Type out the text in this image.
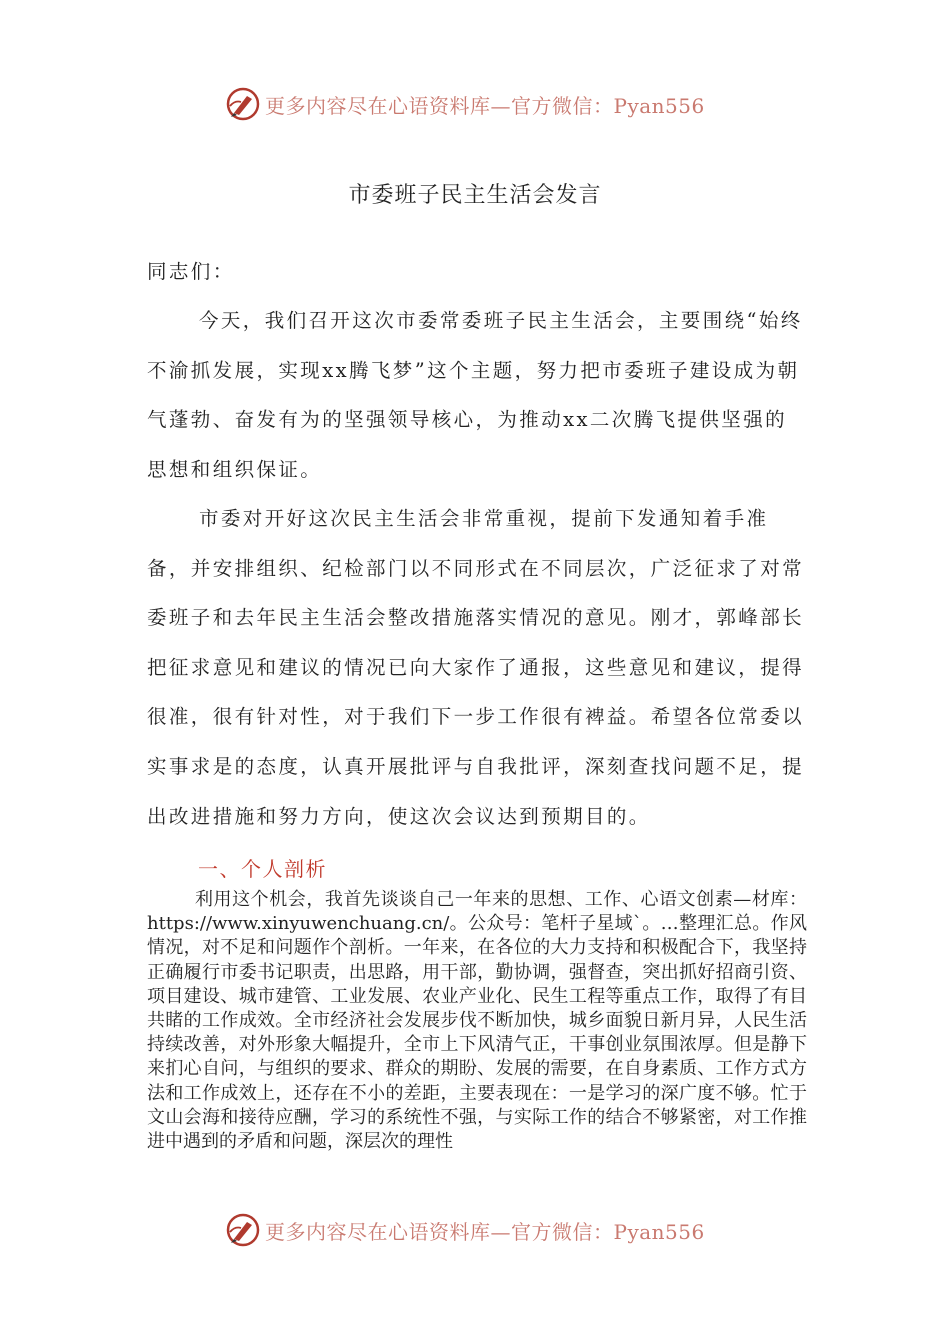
更多内容尽在心语资料库—官方微信：Pyan556
市委班子民主生活会发言

同志们：

今天，我们召开这次市委常委班子民主生活会，主要围绕“始终不渝抓发展，实现xx腾飞梦”这个主题，努力把市委班子建设成为朝气蓬勃、奋发有为的坚强领导核心，为推动xx二次腾飞提供坚强的思想和组织保证。

市委对开好这次民主生活会非常重视，提前下发通知着手准备，并安排组织、纪检部门以不同形式在不同层次，广泛征求了对常委班子和去年民主生活会整改措施落实情况的意见。刚才，郭峰部长把征求意见和建议的情况已向大家作了通报，这些意见和建议，提得很准，很有针对性，对于我们下一步工作很有裨益。希望各位常委以实事求是的态度，认真开展批评与自我批评，深刻查找问题不足，提出改进措施和努力方向，使这次会议达到预期目的。

一、个人剖析

利用这个机会，我首先谈谈自己一年来的思想、工作、心语文创素—材库：https://www.xinyuwenchuang.cn/。公众号：笔杆子星域`。…整理汇总。作风情况，对不足和问题作个剖析。一年来，在各位的大力支持和积极配合下，我坚持正确履行市委书记职责，出思路，用干部，勤协调，强督查，突出抓好招商引资、项目建设、城市建管、工业发展、农业产业化、民生工程等重点工作，取得了有目共睹的工作成效。全市经济社会发展步伐不断加快，城乡面貌日新月异，人民生活持续改善，对外形象大幅提升，全市上下风清气正，干事创业氛围浓厚。但是静下来扪心自问，与组织的要求、群众的期盼、发展的需要，在自身素质、工作方式方法和工作成效上，还存在不小的差距，主要表现在：一是学习的深广度不够。忙于文山会海和接待应酬，学习的系统性不强，与实际工作的结合不够紧密，对工作推进中遇到的矛盾和问题，深层次的理性

更多内容尽在心语资料库—官方微信：Pyan556
